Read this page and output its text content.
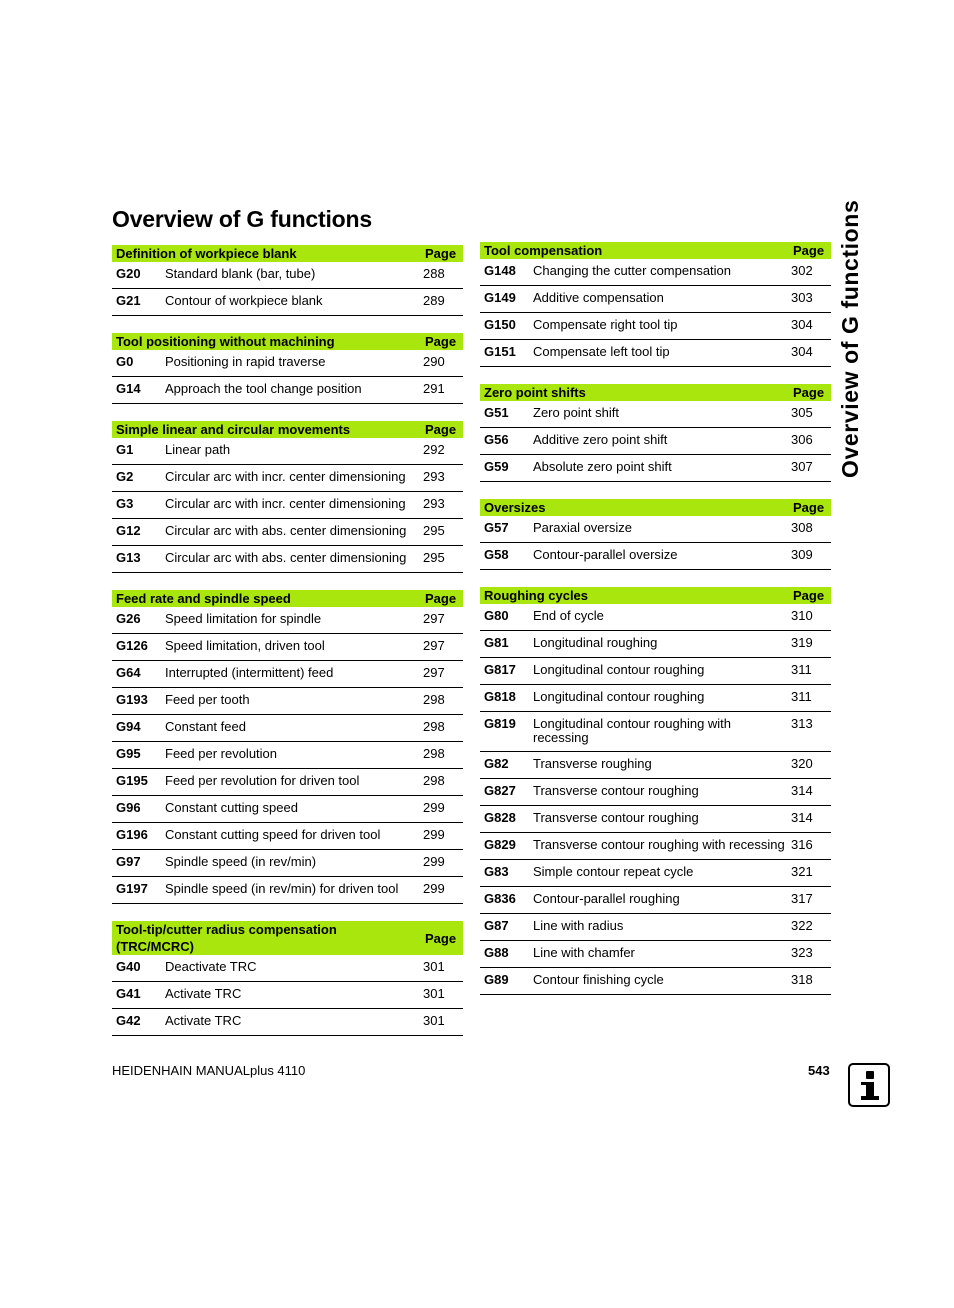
Overview of G functions	Overview of G functions
Definition of workpiece blank		Page
G20	Standard blank (bar, tube)	288
G21	Contour of workpiece blank	289
Tool positioning without machining		Page
G0	Positioning in rapid traverse	290
G14	Approach the tool change position	291
Simple linear and circular movements		Page
G1	Linear path	292
G2	Circular arc with incr. center dimensioning	293
G3	Circular arc with incr. center dimensioning	293
G12	Circular arc with abs. center dimensioning	295
G13	Circular arc with abs. center dimensioning	295
Feed rate and spindle speed		Page
G26	Speed limitation for spindle	297
G126	Speed limitation, driven tool	297
G64	Interrupted (intermittent) feed	297
G193	Feed per tooth	298
G94	Constant feed	298
G95	Feed per revolution	298
G195	Feed per revolution for driven tool	298
G96	Constant cutting speed	299
G196	Constant cutting speed for driven tool	299
G97	Spindle speed (in rev/min)	299
G197	Spindle speed (in rev/min) for driven tool	299
Tool-tip/cutter radius compensation (TRC/MCRC)		Page
G40	Deactivate TRC	301
G41	Activate TRC	301
G42	Activate TRC	301
Tool compensation		Page
G148	Changing the cutter compensation	302
G149	Additive compensation	303
G150	Compensate right tool tip	304
G151	Compensate left tool tip	304
Zero point shifts		Page
G51	Zero point shift	305
G56	Additive zero point shift	306
G59	Absolute zero point shift	307
Oversizes		Page
G57	Paraxial oversize	308
G58	Contour-parallel oversize	309
Roughing cycles		Page
G80	End of cycle	310
G81	Longitudinal roughing	319
G817	Longitudinal contour roughing	311
G818	Longitudinal contour roughing	311
G819	Longitudinal contour roughing with recessing	313
G82	Transverse roughing	320
G827	Transverse contour roughing	314
G828	Transverse contour roughing	314
G829	Transverse contour roughing with recessing	316
G83	Simple contour repeat cycle	321
G836	Contour-parallel roughing	317
G87	Line with radius	322
G88	Line with chamfer	323
G89	Contour finishing cycle	318
HEIDENHAIN MANUALplus 4110	543
